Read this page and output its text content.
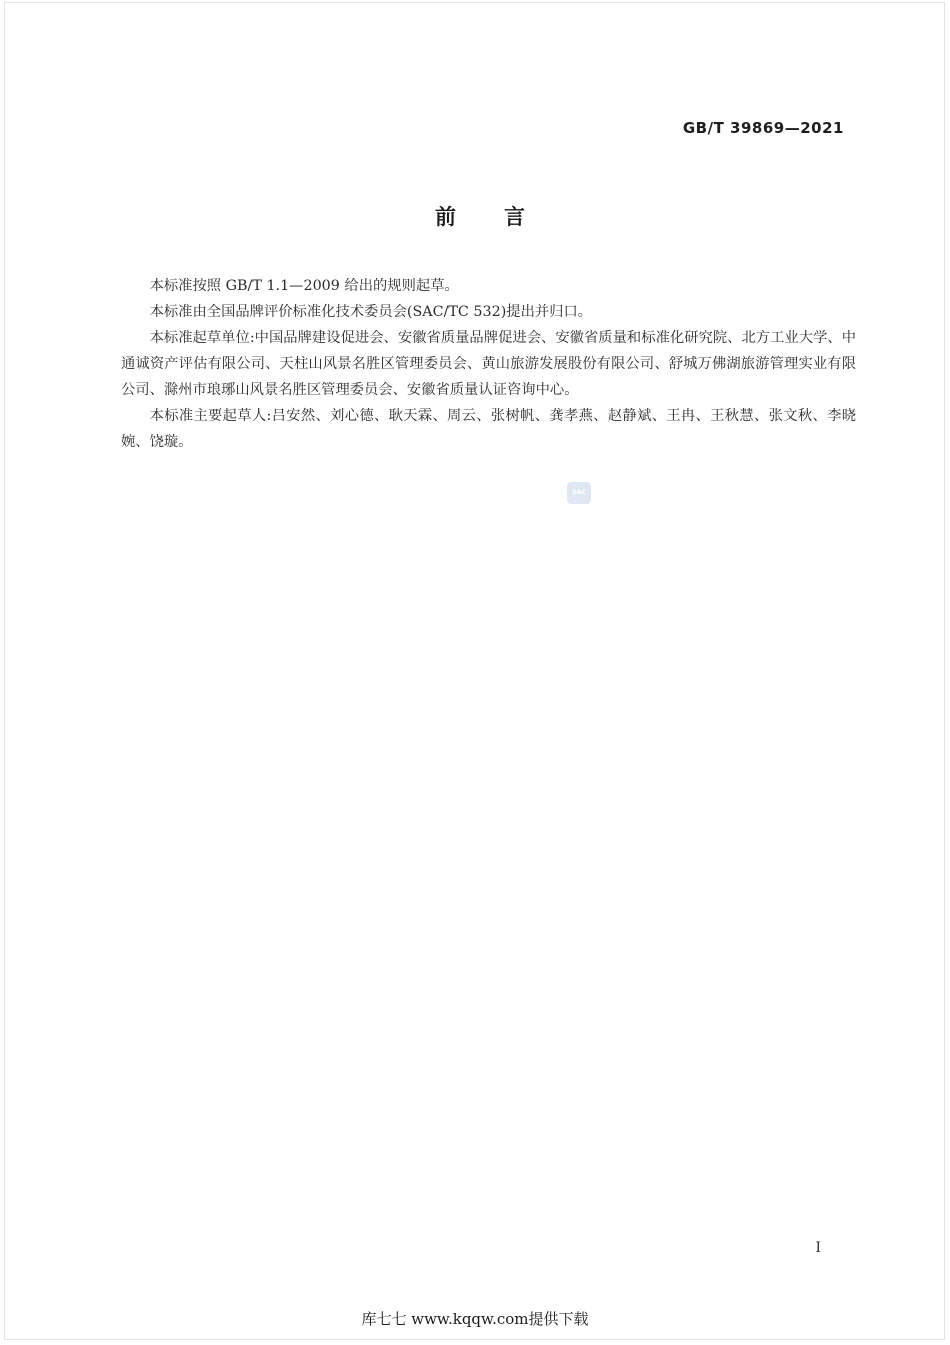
GB/T 39869—2021
前言

本标准按照 GB/T 1.1—2009 给出的规则起草。

本标准由全国品牌评价标准化技术委员会(SAC/TC 532)提出并归口。

本标准起草单位:中国品牌建设促进会、安徽省质量品牌促进会、安徽省质量和标准化研究院、北方工业大学、中通诚资产评估有限公司、天柱山风景名胜区管理委员会、黄山旅游发展股份有限公司、舒城万佛湖旅游管理实业有限公司、滁州市琅琊山风景名胜区管理委员会、安徽省质量认证咨询中心。

本标准主要起草人:吕安然、刘心德、耿天霖、周云、张树帆、龚孝燕、赵静斌、王冉、王秋慧、张文秋、李晓婉、饶璇。

SAC
I
库七七 www.kqqw.com提供下载
